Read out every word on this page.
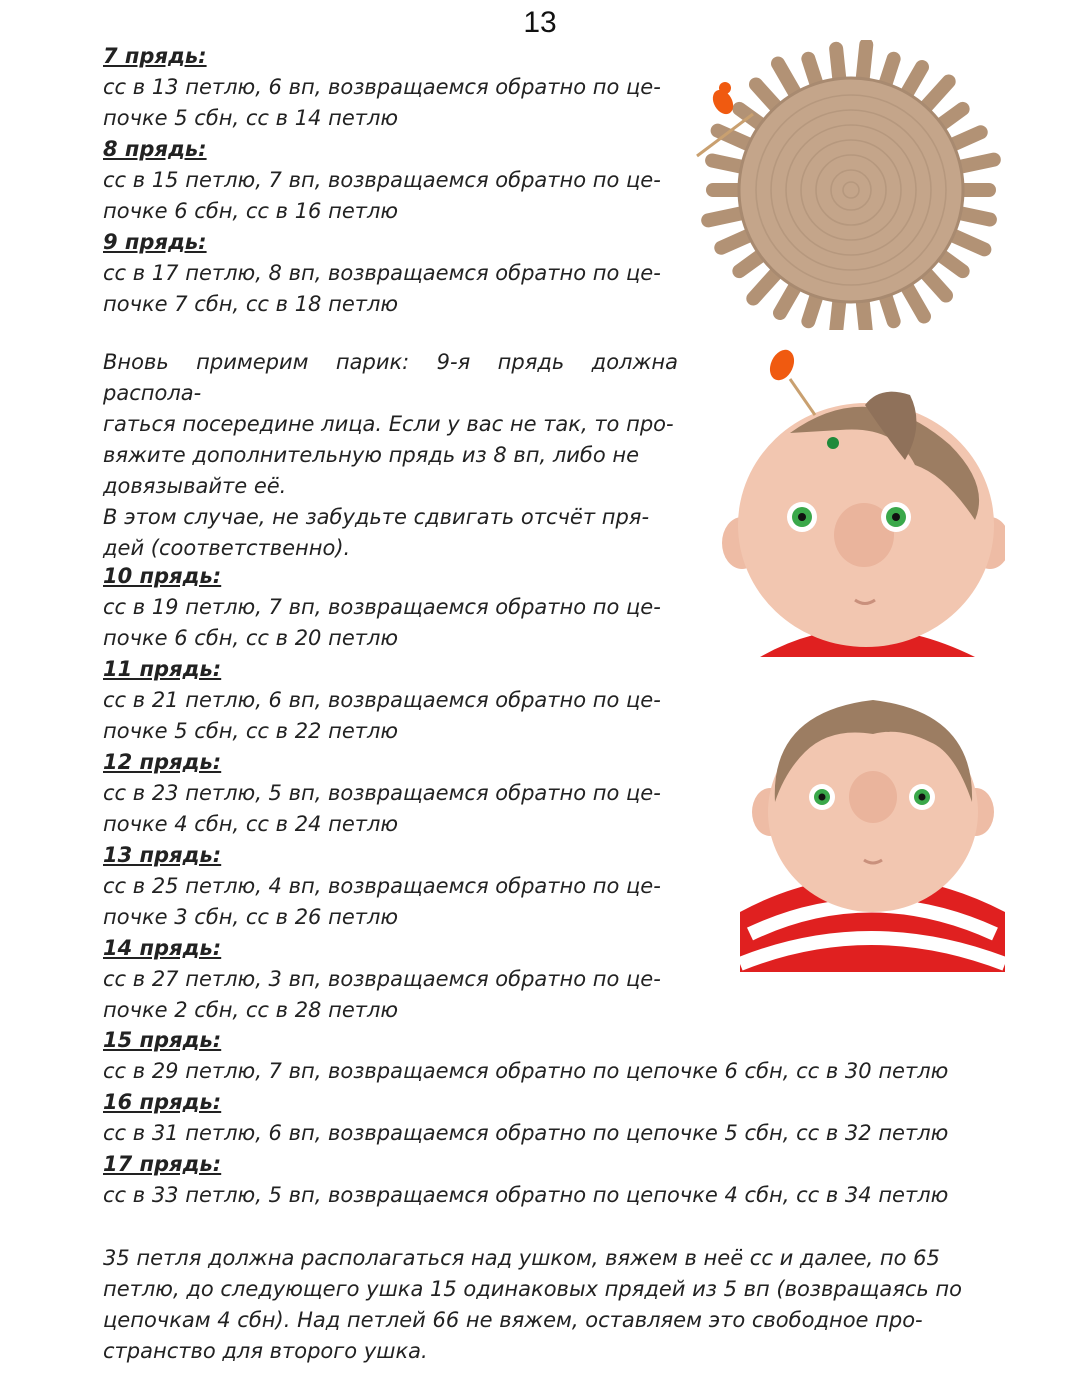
13
7 прядь:
сс в 13 петлю, 6 вп, возвращаемся обратно по це-
почке 5 сбн, сс в 14 петлю
8 прядь:
сс в 15 петлю, 7 вп, возвращаемся обратно по це-
почке 6 сбн, сс в 16 петлю
9 прядь:
сс в 17 петлю, 8 вп, возвращаемся обратно по це-
почке 7 сбн, сс в 18 петлю
Вновь примерим парик: 9-я прядь должна распола-
гаться посередине лица. Если у вас не так, то про-
вяжите дополнительную прядь из 8 вп, либо не
довязывайте её.
В этом случае, не забудьте сдвигать отсчёт пря-
дей (соответственно).
10 прядь:
сс в 19 петлю, 7 вп, возвращаемся обратно по це-
почке 6 сбн, сс в 20 петлю
11 прядь:
сс в 21 петлю, 6 вп, возвращаемся обратно по це-
почке 5 сбн, сс в 22 петлю
12 прядь:
сс в 23 петлю, 5 вп, возвращаемся обратно по це-
почке 4 сбн, сс в 24 петлю
13 прядь:
сс в 25 петлю, 4 вп, возвращаемся обратно по це-
почке 3 сбн, сс в 26 петлю
14 прядь:
сс в 27 петлю, 3 вп, возвращаемся обратно по це-
почке 2 сбн, сс в 28 петлю
15 прядь:
сс в 29 петлю, 7 вп, возвращаемся обратно по цепочке 6 сбн, сс в 30 петлю
16 прядь:
сс в 31 петлю, 6 вп, возвращаемся обратно по цепочке 5 сбн, сс в 32 петлю
17 прядь:
сс в 33 петлю, 5 вп, возвращаемся обратно по цепочке 4 сбн, сс в 34 петлю
35 петля должна располагаться над ушком, вяжем в неё сс и далее, по 65
петлю, до следующего ушка 15 одинаковых прядей из 5 вп (возвращаясь по
цепочкам 4 сбн). Над петлей 66 не вяжем, оставляем это свободное про-
странство для второго ушка.
